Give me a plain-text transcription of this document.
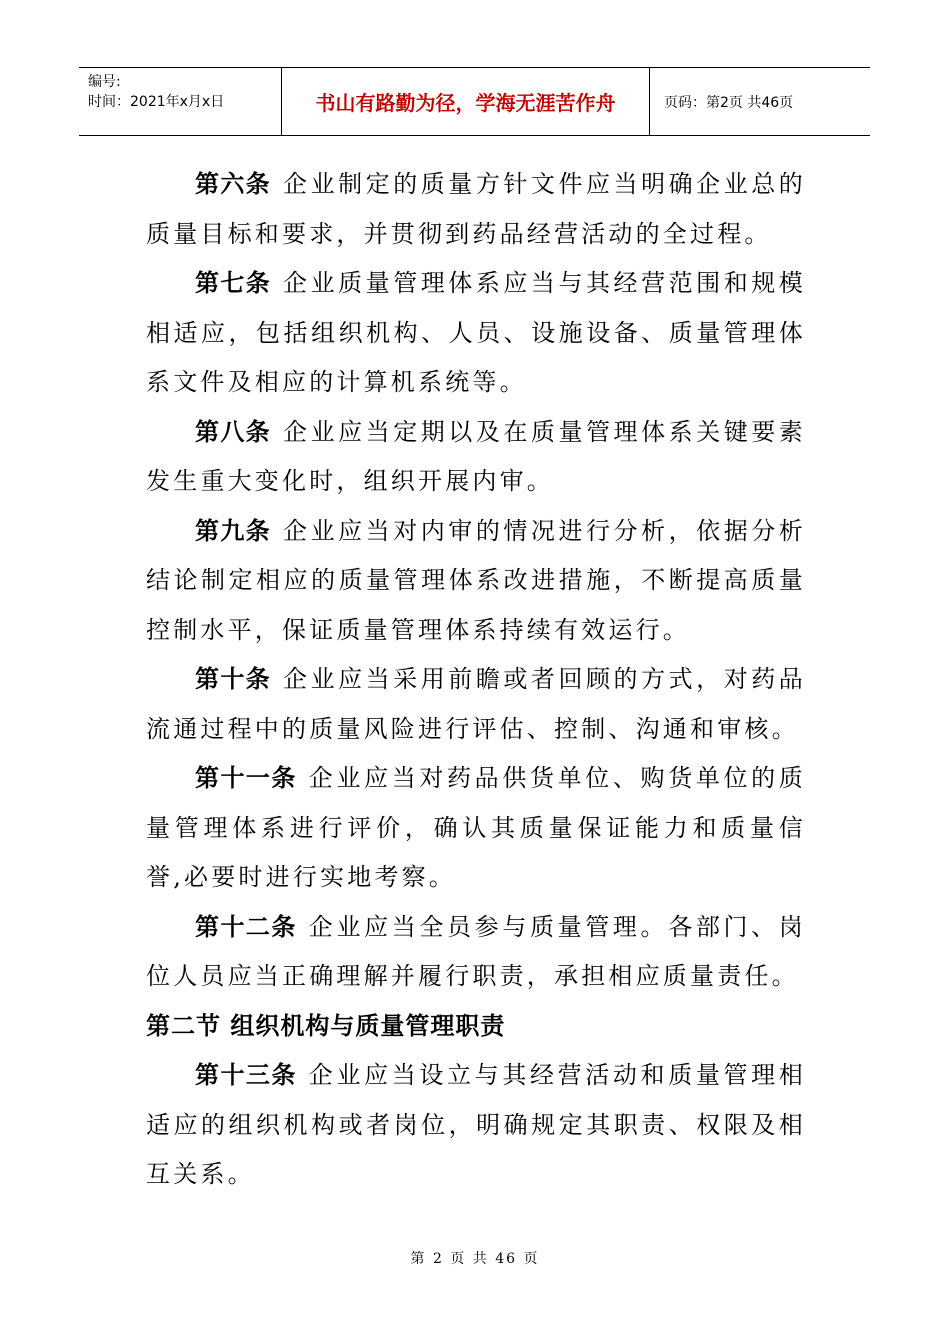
编号:
时间：2021年x月x日	书山有路勤为径，学海无涯苦作舟	页码：第2页 共46页

第六条 企业制定的质量方针文件应当明确企业总的质量目标和要求，并贯彻到药品经营活动的全过程。

第七条 企业质量管理体系应当与其经营范围和规模相适应，包括组织机构、人员、设施设备、质量管理体系文件及相应的计算机系统等。

第八条 企业应当定期以及在质量管理体系关键要素发生重大变化时，组织开展内审。

第九条 企业应当对内审的情况进行分析，依据分析结论制定相应的质量管理体系改进措施，不断提高质量控制水平，保证质量管理体系持续有效运行。

第十条 企业应当采用前瞻或者回顾的方式，对药品流通过程中的质量风险进行评估、控制、沟通和审核。

第十一条 企业应当对药品供货单位、购货单位的质量管理体系进行评价，确认其质量保证能力和质量信誉,必要时进行实地考察。

第十二条 企业应当全员参与质量管理。各部门、岗位人员应当正确理解并履行职责，承担相应质量责任。

第二节 组织机构与质量管理职责

第十三条 企业应当设立与其经营活动和质量管理相适应的组织机构或者岗位，明确规定其职责、权限及相互关系。

第 2 页 共 46 页
